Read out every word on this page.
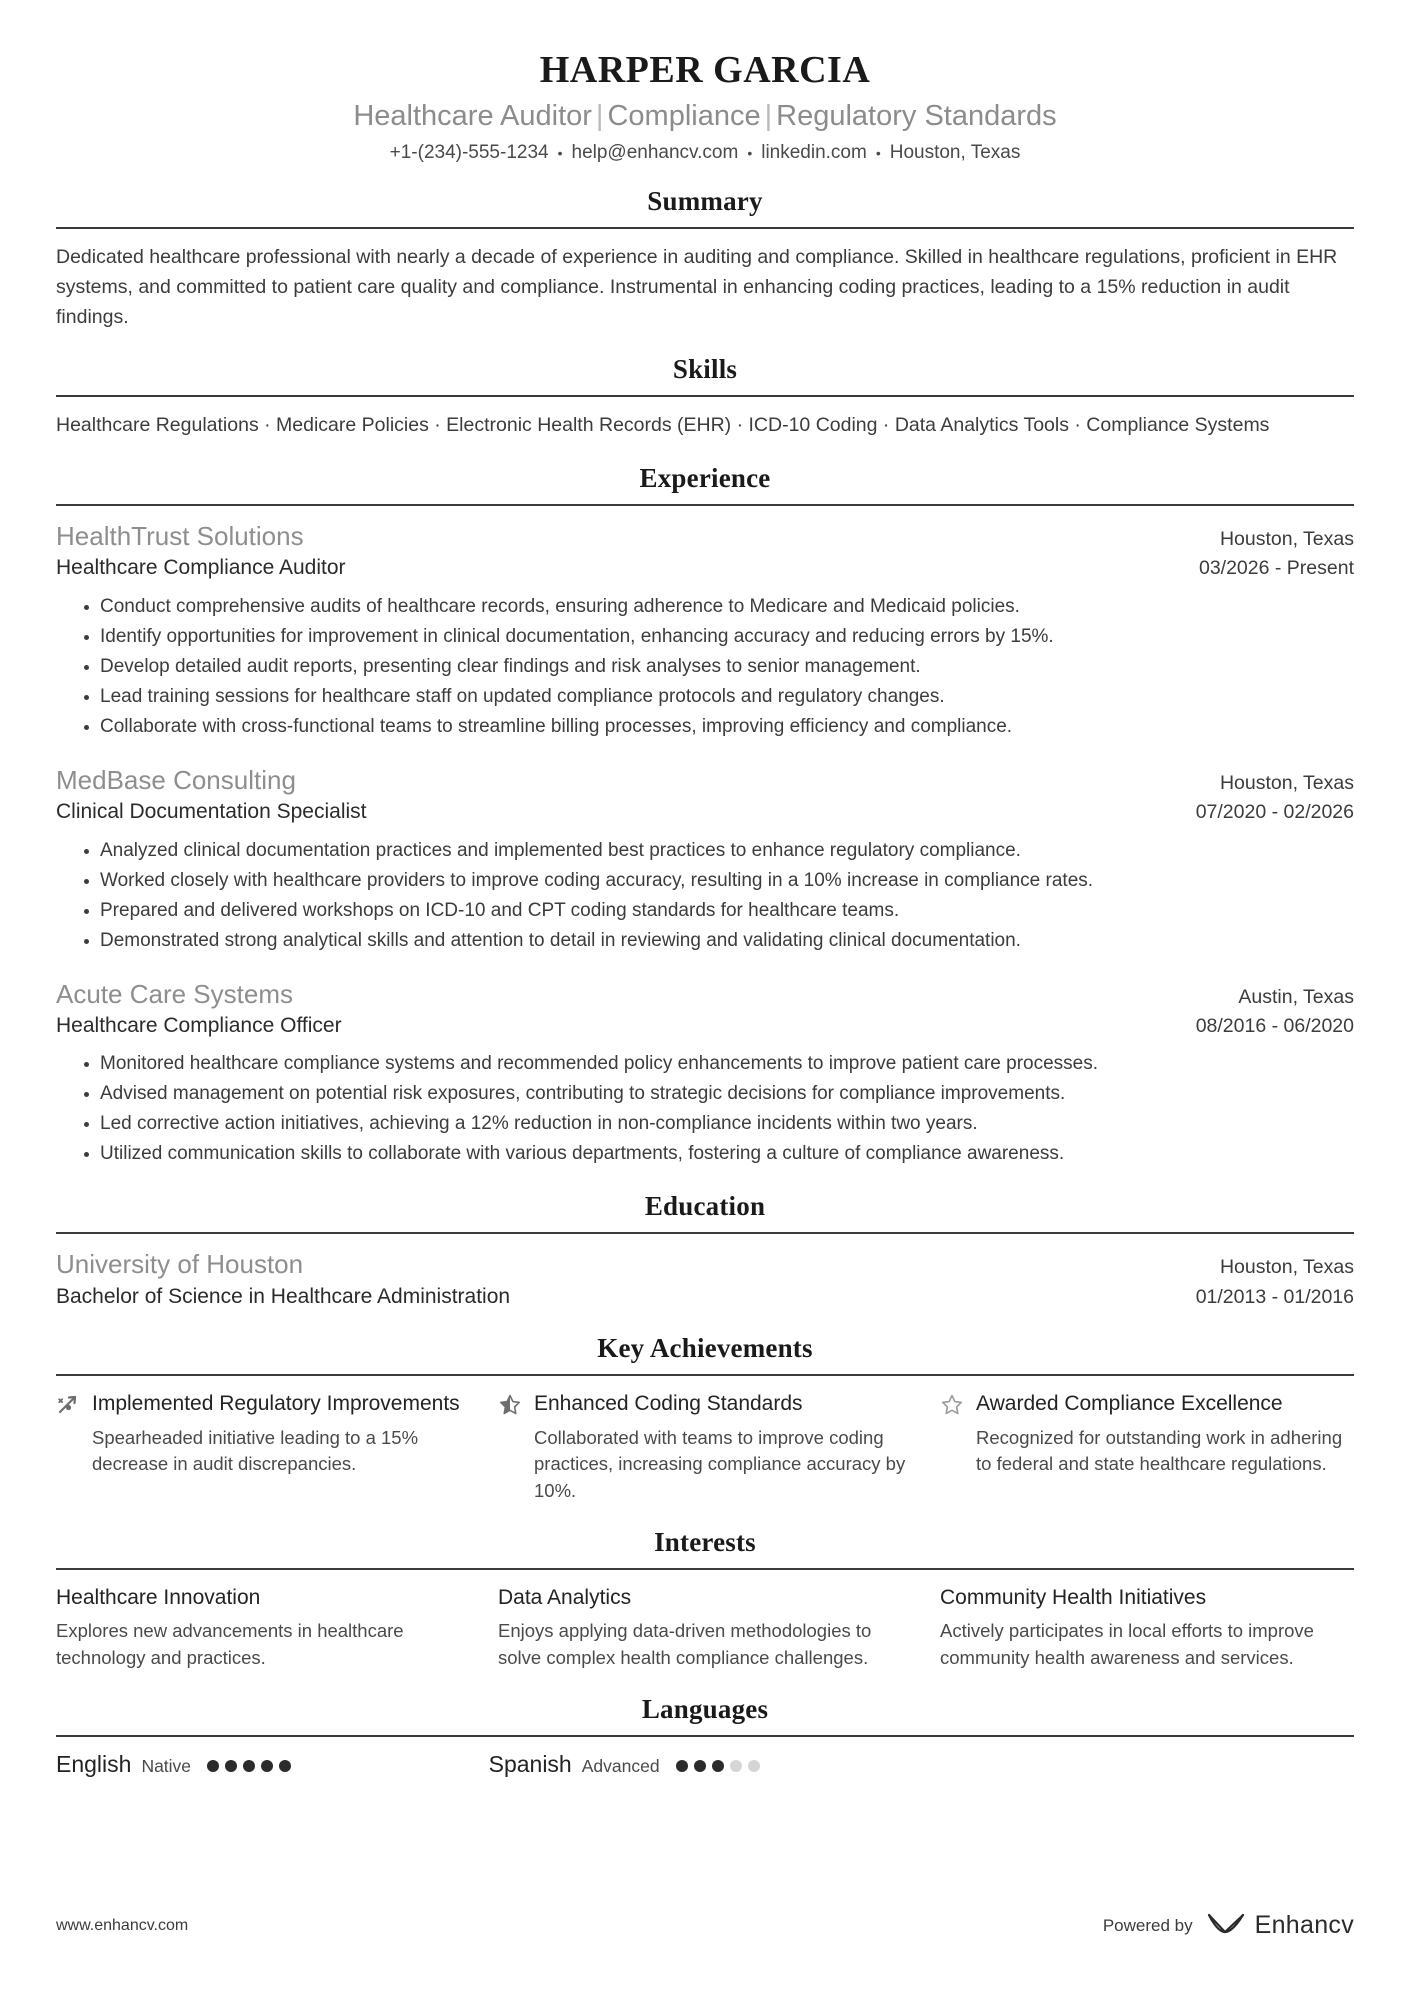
HARPER GARCIA
Healthcare Auditor | Compliance | Regulatory Standards
+1-(234)-555-1234 • help@enhancv.com • linkedin.com • Houston, Texas
Summary
Dedicated healthcare professional with nearly a decade of experience in auditing and compliance. Skilled in healthcare regulations, proficient in EHR systems, and committed to patient care quality and compliance. Instrumental in enhancing coding practices, leading to a 15% reduction in audit findings.
Skills
Healthcare Regulations · Medicare Policies · Electronic Health Records (EHR) · ICD-10 Coding · Data Analytics Tools · Compliance Systems
Experience
HealthTrust Solutions	Houston, Texas
Healthcare Compliance Auditor	03/2026 - Present
Conduct comprehensive audits of healthcare records, ensuring adherence to Medicare and Medicaid policies.
Identify opportunities for improvement in clinical documentation, enhancing accuracy and reducing errors by 15%.
Develop detailed audit reports, presenting clear findings and risk analyses to senior management.
Lead training sessions for healthcare staff on updated compliance protocols and regulatory changes.
Collaborate with cross-functional teams to streamline billing processes, improving efficiency and compliance.
MedBase Consulting	Houston, Texas
Clinical Documentation Specialist	07/2020 - 02/2026
Analyzed clinical documentation practices and implemented best practices to enhance regulatory compliance.
Worked closely with healthcare providers to improve coding accuracy, resulting in a 10% increase in compliance rates.
Prepared and delivered workshops on ICD-10 and CPT coding standards for healthcare teams.
Demonstrated strong analytical skills and attention to detail in reviewing and validating clinical documentation.
Acute Care Systems	Austin, Texas
Healthcare Compliance Officer	08/2016 - 06/2020
Monitored healthcare compliance systems and recommended policy enhancements to improve patient care processes.
Advised management on potential risk exposures, contributing to strategic decisions for compliance improvements.
Led corrective action initiatives, achieving a 12% reduction in non-compliance incidents within two years.
Utilized communication skills to collaborate with various departments, fostering a culture of compliance awareness.
Education
University of Houston	Houston, Texas
Bachelor of Science in Healthcare Administration	01/2013 - 01/2016
Key Achievements
Implemented Regulatory Improvements
Spearheaded initiative leading to a 15% decrease in audit discrepancies.
Enhanced Coding Standards
Collaborated with teams to improve coding practices, increasing compliance accuracy by 10%.
Awarded Compliance Excellence
Recognized for outstanding work in adhering to federal and state healthcare regulations.
Interests
Healthcare Innovation
Explores new advancements in healthcare technology and practices.
Data Analytics
Enjoys applying data-driven methodologies to solve complex health compliance challenges.
Community Health Initiatives
Actively participates in local efforts to improve community health awareness and services.
Languages
English Native	Spanish Advanced
www.enhancv.com	Powered by Enhancv
